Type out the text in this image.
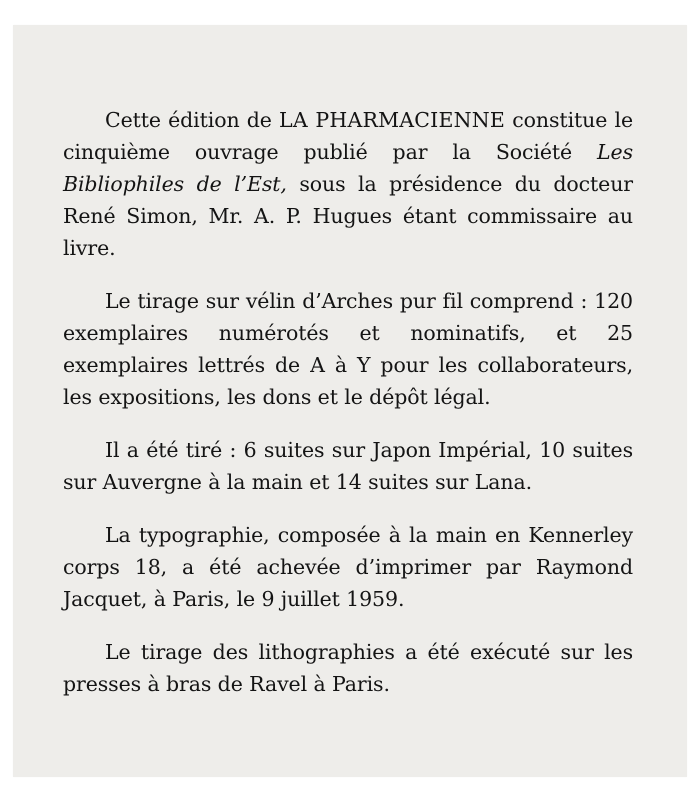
Cette édition de LA PHARMACIENNE constitue le cinquième ouvrage publié par la Société Les Bibliophiles de l’Est, sous la présidence du docteur René Simon, Mr. A. P. Hugues étant commissaire au livre.

Le tirage sur vélin d’Arches pur fil comprend : 120 exemplaires numérotés et nominatifs, et 25 exemplaires lettrés de A à Y pour les collaborateurs, les expositions, les dons et le dépôt légal.

Il a été tiré : 6 suites sur Japon Impérial, 10 suites sur Auvergne à la main et 14 suites sur Lana.

La typographie, composée à la main en Kennerley corps 18, a été achevée d’imprimer par Raymond Jacquet, à Paris, le 9 juillet 1959.

Le tirage des lithographies a été exécuté sur les presses à bras de Ravel à Paris.
